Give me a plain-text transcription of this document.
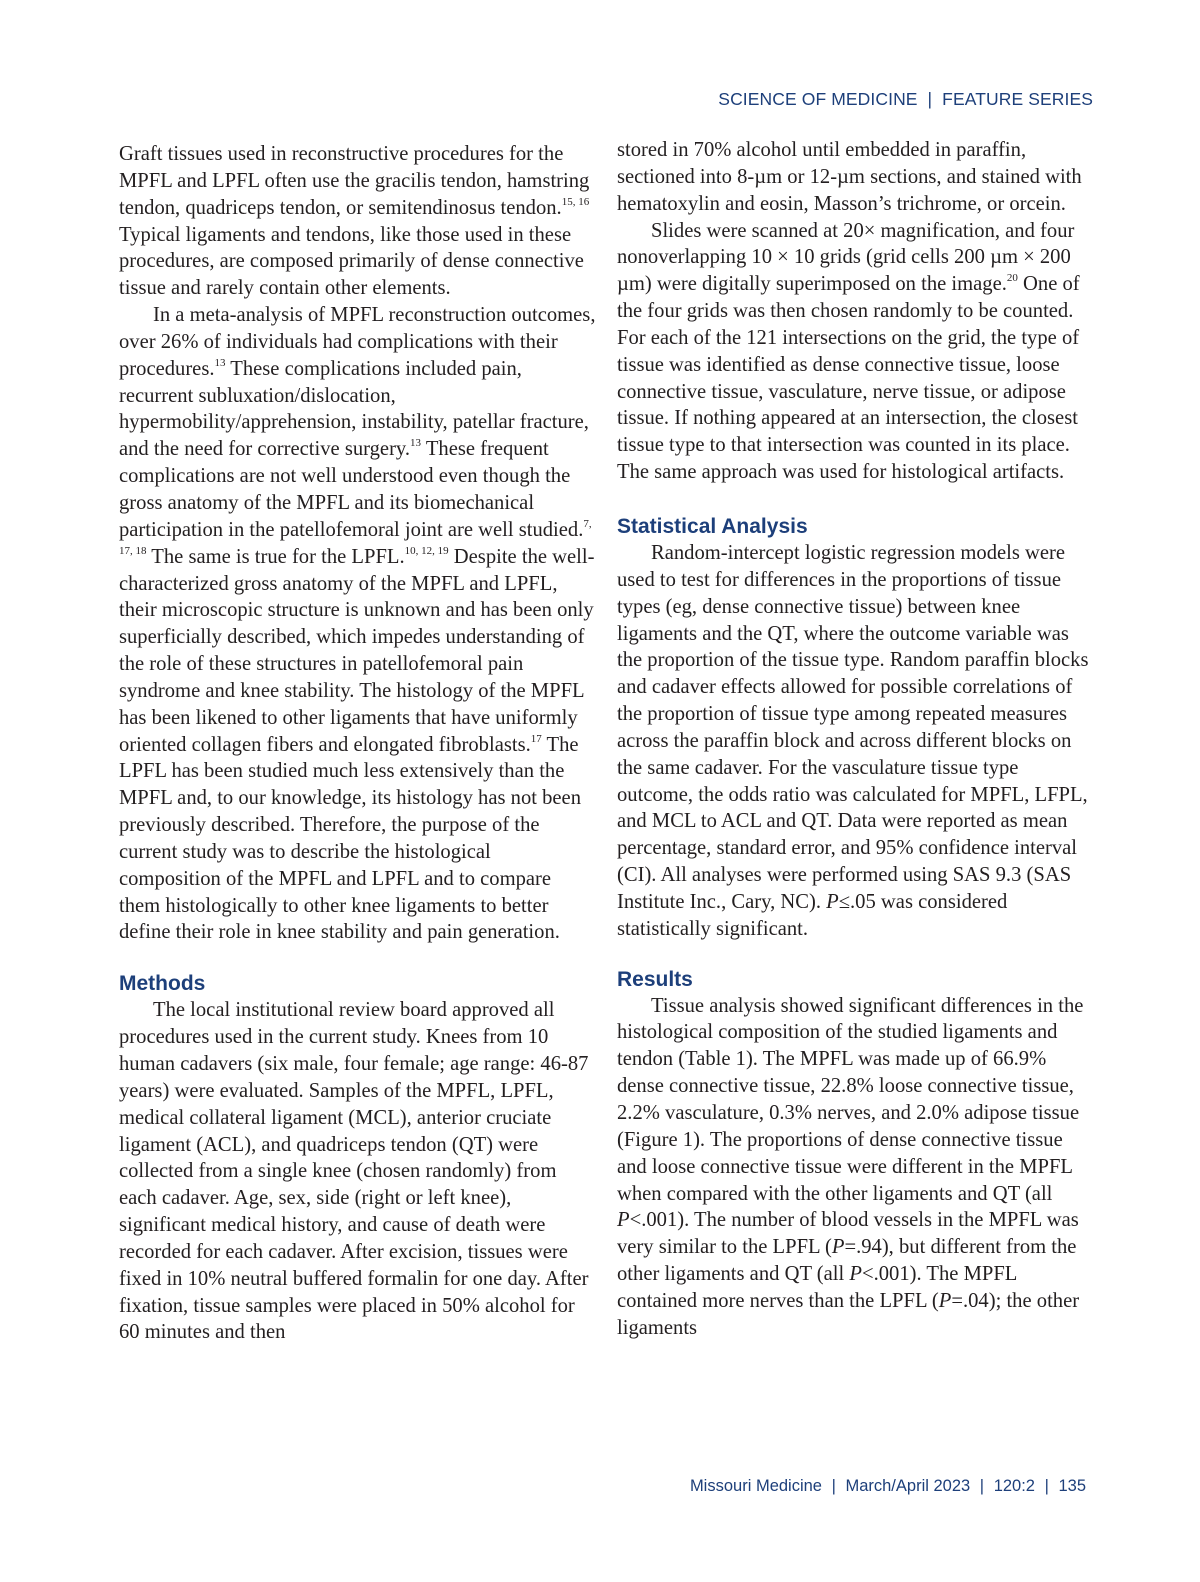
SCIENCE OF MEDICINE | FEATURE SERIES

Graft tissues used in reconstructive procedures for the MPFL and LPFL often use the gracilis tendon, hamstring tendon, quadriceps tendon, or semitendinosus tendon.$^{15, 16}$ Typical ligaments and tendons, like those used in these procedures, are composed primarily of dense connective tissue and rarely contain other elements.

In a meta-analysis of MPFL reconstruction outcomes, over 26% of individuals had complications with their procedures.$^{13}$ These complications included pain, recurrent subluxation/dislocation, hypermobility/apprehension, instability, patellar fracture, and the need for corrective surgery.$^{13}$ These frequent complications are not well understood even though the gross anatomy of the MPFL and its biomechanical participation in the patellofemoral joint are well studied.$^{7, 17, 18}$ The same is true for the LPFL.$^{10, 12, 19}$ Despite the well-characterized gross anatomy of the MPFL and LPFL, their microscopic structure is unknown and has been only superficially described, which impedes understanding of the role of these structures in patellofemoral pain syndrome and knee stability. The histology of the MPFL has been likened to other ligaments that have uniformly oriented collagen fibers and elongated fibroblasts.$^{17}$ The LPFL has been studied much less extensively than the MPFL and, to our knowledge, its histology has not been previously described. Therefore, the purpose of the current study was to describe the histological composition of the MPFL and LPFL and to compare them histologically to other knee ligaments to better define their role in knee stability and pain generation.

Methods

The local institutional review board approved all procedures used in the current study. Knees from 10 human cadavers (six male, four female; age range: 46-87 years) were evaluated. Samples of the MPFL, LPFL, medical collateral ligament (MCL), anterior cruciate ligament (ACL), and quadriceps tendon (QT) were collected from a single knee (chosen randomly) from each cadaver. Age, sex, side (right or left knee), significant medical history, and cause of death were recorded for each cadaver. After excision, tissues were fixed in 10% neutral buffered formalin for one day. After fixation, tissue samples were placed in 50% alcohol for 60 minutes and then

stored in 70% alcohol until embedded in paraffin, sectioned into 8-µm or 12-µm sections, and stained with hematoxylin and eosin, Masson’s trichrome, or orcein.

Slides were scanned at 20× magnification, and four nonoverlapping 10 × 10 grids (grid cells 200 µm × 200 µm) were digitally superimposed on the image.$^{20}$ One of the four grids was then chosen randomly to be counted. For each of the 121 intersections on the grid, the type of tissue was identified as dense connective tissue, loose connective tissue, vasculature, nerve tissue, or adipose tissue. If nothing appeared at an intersection, the closest tissue type to that intersection was counted in its place. The same approach was used for histological artifacts.

Statistical Analysis

Random-intercept logistic regression models were used to test for differences in the proportions of tissue types (eg, dense connective tissue) between knee ligaments and the QT, where the outcome variable was the proportion of the tissue type. Random paraffin blocks and cadaver effects allowed for possible correlations of the proportion of tissue type among repeated measures across the paraffin block and across different blocks on the same cadaver. For the vasculature tissue type outcome, the odds ratio was calculated for MPFL, LFPL, and MCL to ACL and QT. Data were reported as mean percentage, standard error, and 95% confidence interval (CI). All analyses were performed using SAS 9.3 (SAS Institute Inc., Cary, NC). P≤.05 was considered statistically significant.

Results

Tissue analysis showed significant differences in the histological composition of the studied ligaments and tendon (Table 1). The MPFL was made up of 66.9% dense connective tissue, 22.8% loose connective tissue, 2.2% vasculature, 0.3% nerves, and 2.0% adipose tissue (Figure 1). The proportions of dense connective tissue and loose connective tissue were different in the MPFL when compared with the other ligaments and QT (all P<.001). The number of blood vessels in the MPFL was very similar to the LPFL (P=.94), but different from the other ligaments and QT (all P<.001). The MPFL contained more nerves than the LPFL (P=.04); the other ligaments

Missouri Medicine | March/April 2023 | 120:2 | 135
